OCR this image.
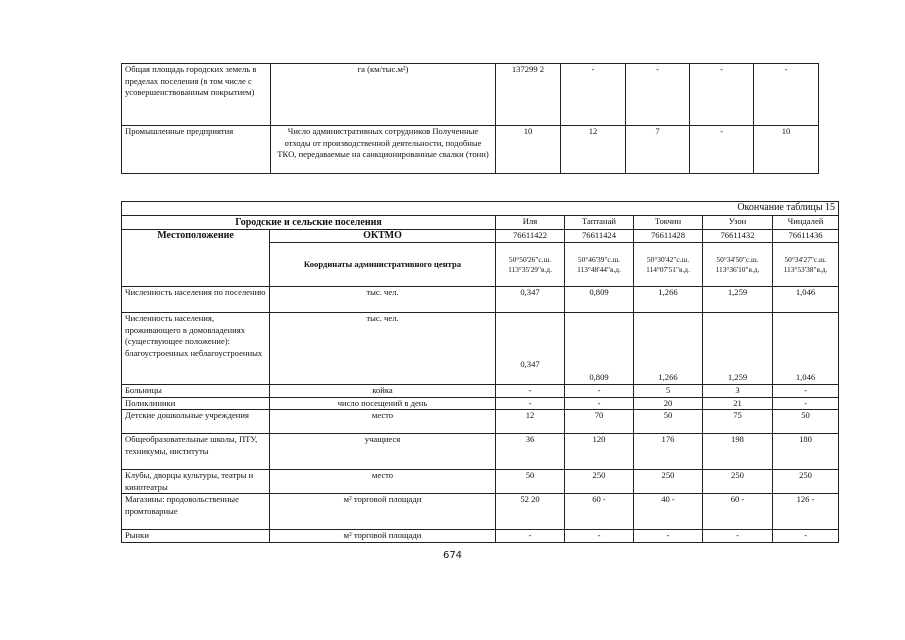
Общая площадь городских земель в пределах поселения (в том числе с усовершенствованным покрытием)	га (км/тыс.м²)	137299 2	-	-	-	-
Промышленные предприятия	Число административных сотрудников Полученные отходы от производственной деятельности, подобные ТКО, передаваемые на санкционированные свалки (тонн)	10	12	7	-	10
Окончание таблицы 15						
Городские и сельские поселения		Иля	Таптанай	Токчин	Узон	Чиндалей
Местоположение	ОКТМО	76611422	76611424	76611428	76611432	76611436
	Координаты административного центра	50°50'26"с.ш. 113°35'29"в.д.	50°46'39"с.ш. 113°48'44"в.д.	50°30'42"с.ш. 114°07'51"в.д.	50°34'50"с.ш. 113°36'10"в.д.	50°34'27"с.ш. 113°53'38"в.д.
Численность населения по поселению	тыс. чел.	0,347	0,809	1,266	1,259	1,046
Численность населения, проживающего в домовладениях (существующее положение): благоустроенных неблагоустроенных	тыс. чел.	0,347	0,809	1,266	1,259	1,046
Больницы	койка	-	-	5	3	-
Поликлиники	число посещений в день	-	-	20	21	-
Детские дошкольные учреждения	место	12	70	50	75	50
Общеобразовательные школы, ПТУ, техникумы, институты	учащиеся	36	120	176	198	180
Клубы, дворцы культуры, театры и кинотеатры	место	50	250	250	250	250
Магазины: продовольственные промтоварные	м² торговой площади	52 20	60 -	40 -	60 -	126 -
Рынки	м² торговой площади	-	-	-	-	-
674
